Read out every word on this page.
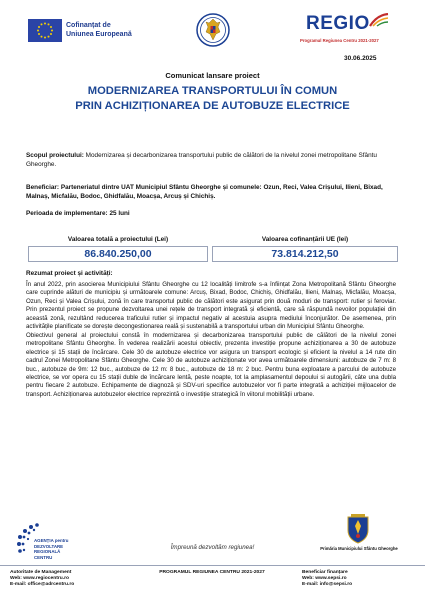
Cofinanțat de
Uniunea Europeană
REGIO
Programul Regiunea Centru 2021-2027
30.06.2025
Comunicat lansare proiect
MODERNIZAREA TRANSPORTULUI ÎN COMUN
PRIN ACHIZIȚIONAREA DE AUTOBUZE ELECTRICE
Scopul proiectului: Modernizarea și decarbonizarea transportului public de călători de la nivelul zonei metropolitane Sfântu Gheorghe.
Beneficiar: Parteneriatul dintre UAT Municipiul Sfântu Gheorghe și comunele: Ozun, Reci, Valea Crișului, Ilieni, Bixad, Malnaș, Micfalău, Bodoc, Ghidfalău, Moacșa, Arcuș și Chichiș.
Perioada de implementare: 25 luni
Valoarea totală a proiectului (Lei)	Valoarea cofinanțării UE (lei)
86.840.250,00	73.814.212,50
Rezumat proiect și activități:

În anul 2022, prin asocierea Municipiului Sfântu Gheorghe cu 12 localități limitrofe s-a înființat Zona Metropolitană Sfântu Gheorghe care cuprinde alături de municipiu și următoarele comune: Arcuș, Bixad, Bodoc, Chichiș, Ghidfalău, Ilieni, Malnaș, Micfalău, Moacșa, Ozun, Reci și Valea Crișului, zonă în care transportul public de călători este asigurat prin două moduri de transport: rutier și feroviar. Prin prezentul proiect se propune dezvoltarea unei rețele de transport integrată și eficientă, care să răspundă nevoilor populației din această zonă, rezultând reducerea traficului rutier și impactul negativ al acestuia asupra mediului înconjurător. De asemenea, prin activitățile planificate se dorește decongestionarea reală și sustenabilă a transportului urban din Municipiul Sfântu Gheorghe.

Obiectivul general al proiectului constă în modernizarea și decarbonizarea transportului public de călători de la nivelul zonei metropolitane Sfântu Gheorghe. În vederea realizării acestui obiectiv, prezenta investiție propune achiziționarea a 30 de autobuze electrice și 15 stații de încărcare. Cele 30 de autobuze electrice vor asigura un transport ecologic și eficient la nivelul a 14 rute din cadrul Zonei Metropolitane Sfântu Gheorghe. Cele 30 de autobuze achiziționate vor avea următoarele dimensiuni: autobuze de 7 m: 8 buc., autobuze de 9m: 12 buc., autobuze de 12 m: 8 buc., autobuze de 18 m: 2 buc. Pentru buna exploatare a parcului de autobuze electrice, se vor opera cu 15 stații duble de încărcare lentă, peste noapte, tot la amplasamentul depoului si autogării, câte una dubla pentru fiecare 2 autobuze. Echipamente de diagnoză și SDV-uri specifice autobuzelor vor fi parte integrată a achiziției mijloacelor de transport. Achiziționarea autobuzelor electrice reprezintă o investiție strategică în viitorul mobilității urbane.

AGENȚIA pentru
DEZVOLTARE
REGIONALĂ
CENTRU
Împreună dezvoltăm regiunea!	Primăria Municipiului Sfântu Gheorghe
Autoritate de Management
Web: www.regiocentru.ro
E-mail: office@adrcentru.ro
PROGRAMUL REGIUNEA CENTRU 2021-2027	Beneficiar finanțare
Web: www.sepsi.ro
E-mail: info@sepsi.ro
